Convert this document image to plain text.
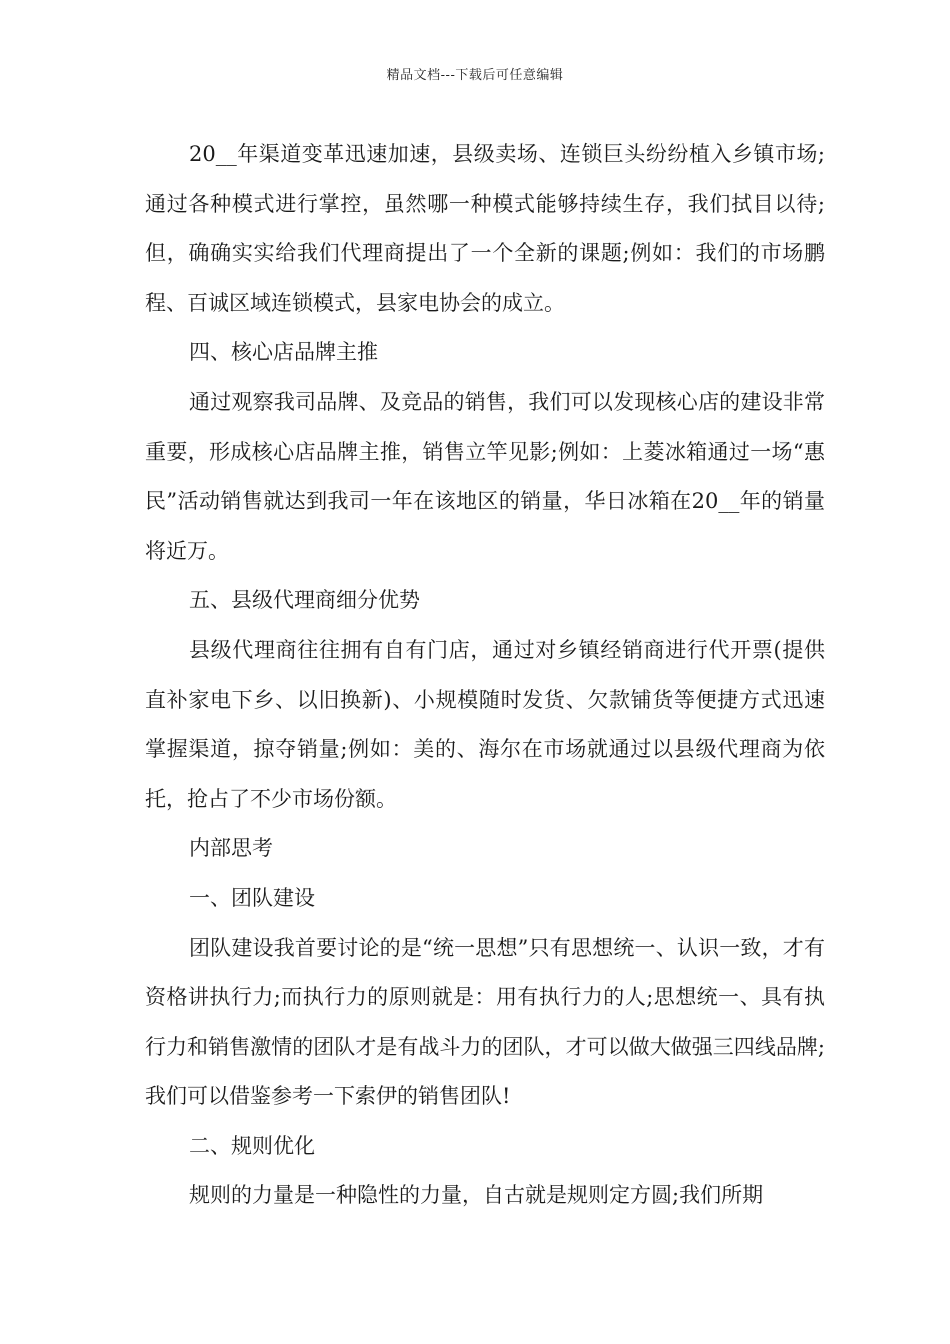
精品文档---下载后可任意编辑

20__年渠道变革迅速加速，县级卖场、连锁巨头纷纷植入乡镇市场;通过各种模式进行掌控，虽然哪一种模式能够持续生存，我们拭目以待;但，确确实实给我们代理商提出了一个全新的课题;例如：我们的市场鹏程、百诚区域连锁模式，县家电协会的成立。

四、核心店品牌主推

通过观察我司品牌、及竞品的销售，我们可以发现核心店的建设非常重要，形成核心店品牌主推，销售立竿见影;例如：上菱冰箱通过一场“惠民”活动销售就达到我司一年在该地区的销量，华日冰箱在20__年的销量将近万。

五、县级代理商细分优势

县级代理商往往拥有自有门店，通过对乡镇经销商进行代开票(提供直补家电下乡、以旧换新)、小规模随时发货、欠款铺货等便捷方式迅速掌握渠道，掠夺销量;例如：美的、海尔在市场就通过以县级代理商为依托，抢占了不少市场份额。

内部思考

一、团队建设

团队建设我首要讨论的是“统一思想”只有思想统一、认识一致，才有资格讲执行力;而执行力的原则就是：用有执行力的人;思想统一、具有执行力和销售激情的团队才是有战斗力的团队，才可以做大做强三四线品牌;我们可以借鉴参考一下索伊的销售团队!

二、规则优化

规则的力量是一种隐性的力量，自古就是规则定方圆;我们所期
